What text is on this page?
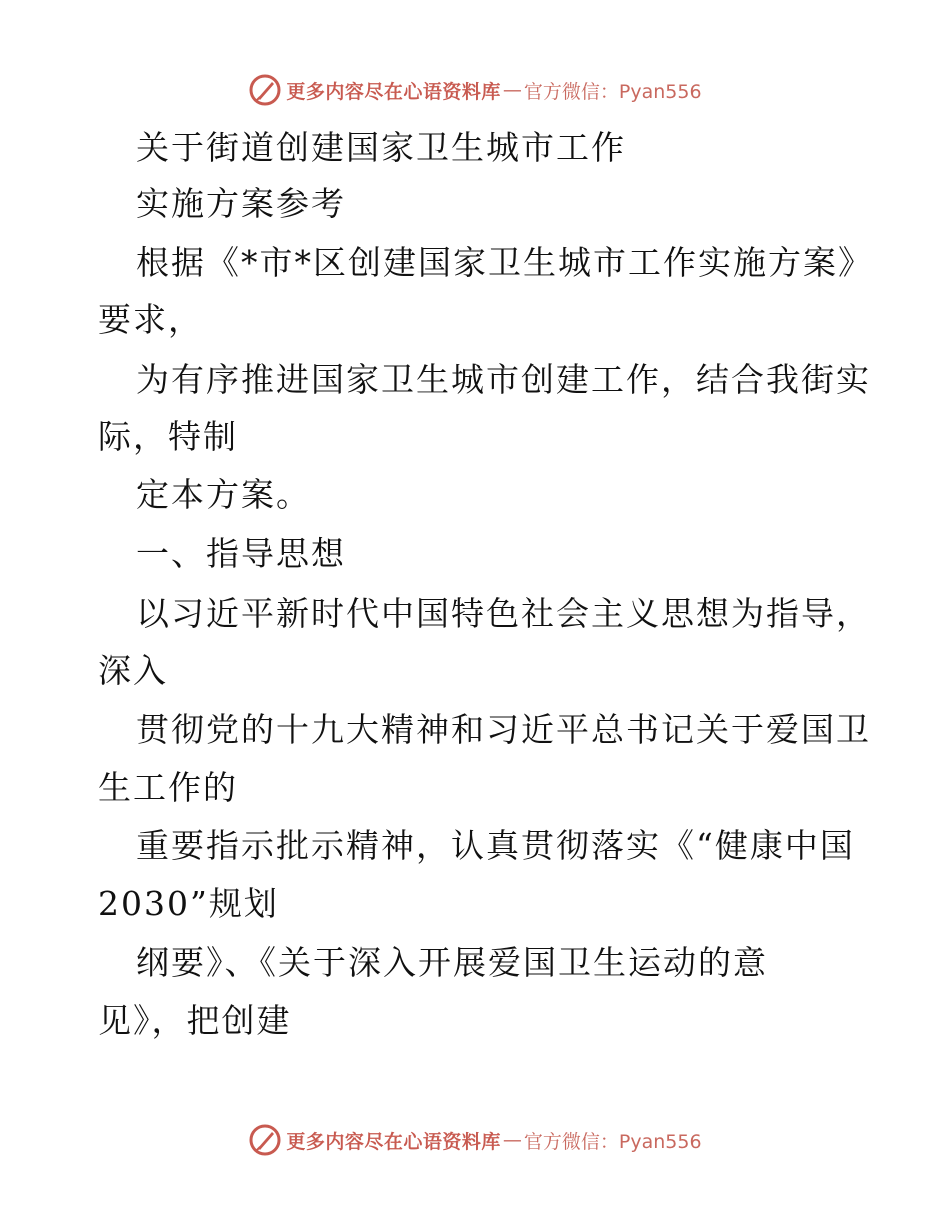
更多内容尽在心语资料库 — 官方微信：Pyan556
关于街道创建国家卫生城市工作
实施方案参考
根据《*市*区创建国家卫生城市工作实施方案》
要求，
为有序推进国家卫生城市创建工作，结合我街实
际，特制
定本方案。
一、指导思想
以习近平新时代中国特色社会主义思想为指导，
深入
贯彻党的十九大精神和习近平总书记关于爱国卫
生工作的
重要指示批示精神，认真贯彻落实《“健康中国
2030”规划
纲要》、《关于深入开展爱国卫生运动的意
见》，把创建
更多内容尽在心语资料库 — 官方微信：Pyan556
